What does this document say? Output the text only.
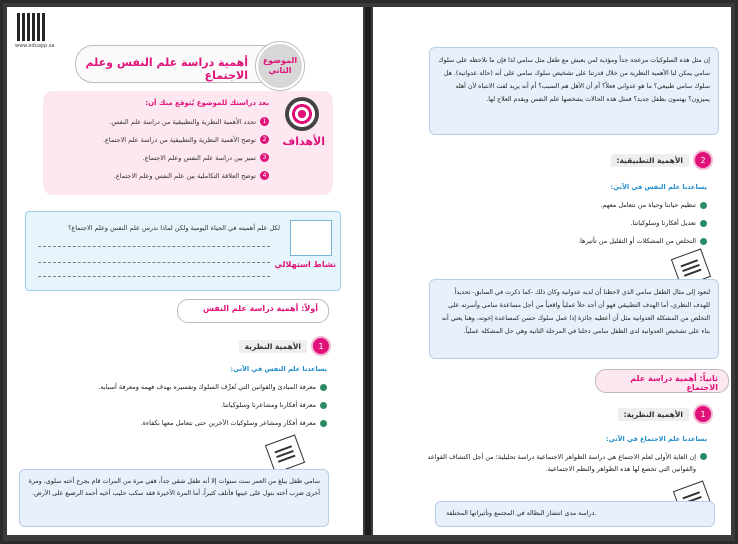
www.eduapp.sa
الموضوع
الثاني
أهمية دراسة علم النفس وعلم الاجتماع
الأهداف
بعد دراستك للموضوع يُتوقع منك أن:
1
تحدد الأهمية النظرية والتطبيقية من دراسة علم النفس.
2
توضح الأهمية النظرية والتطبيقية من دراسة علم الاجتماع.
3
تميز بين دراسة علم النفس وعلم الاجتماع.
4
توضح العلاقة التكاملية بين علم النفس وعلم الاجتماع.
نشاط استهلالي
لكل علم أهميته في الحياة اليومية ولكن لماذا ندرس علم النفس وعلم الاجتماع؟
أولاً: أهمية دراسة علم النفس
1
الأهمية النظرية
يساعدنا علم النفس في الآتي:
معرفة المبادئ والقوانين التي تُعرِّف السلوك وتفسيره بهدف فهمه ومعرفة أسبابه.
معرفة أفكارنا ومشاعرنا وسلوكياتنا.
معرفة أفكار ومشاعر وسلوكيات الآخرين حتى نتعامل معها بكفاءة.
سامي طفل يبلغ من العمر ست سنوات إلا أنه طفل شقي جداً، ففي مرة من المرات قام بجرح أخته سلوى، ومرة أخرى ضرب أخته بتول على عينها فأتلف كثيراً، أما المرة الأخيرة فقد سكب حليب أخيه أحمد الرضيع على الأرض.
إن مثل هذه السلوكيات مزعجة جداً ومؤذية لمن يعيش مع طفل مثل سامي لذا فإن ما نلاحظه على سلوك سامي يمكن لنا الأهمية النظرية من خلال قدرتنا على تشخيص سلوك سامي على أنه (حالة عدوانية). هل سلوك سامي طبيعي؟ ما هو عدواني فعلاً؟ أم أن الأهل هم السبب؟ أم أنه يريد لفت الانتباه لأن أهله يميزون؟ يهتمون بطفل جديد؟ فمثل هذه الحالات يشخصها علم النفس ويقدم العلاج لها.
2
الأهمية التطبيقية:
يساعدنا علم النفس في الآتي:
تنظيم حياتنا وحياة من نتعامل معهم.
تعديل أفكارنا وسلوكياتنا.
التخلص من المشكلات أو التقليل من تأثيرها.
لنعود إلى مثال الطفل سامي الذي لاحظنا أن لديه عدوانية وكان ذلك -كما ذكرت في السابق- تحديداً للهدف النظري، أما الهدف التطبيقي فهو أن أجد حلاً عملياً واقعياً من أجل مساعدة سامي وأسرته على التخلص من المشكلة العدوانية مثل أن أعطيه جائزة إذا عمل سلوك حسن كمساعدة إخوته، وهنا يعني أنه بناء على تشخيص العدوانية لدى الطفل سامي دخلنا في المرحلة الثانية وهي حل المشكلة عملياً.
ثانياً: أهمية دراسة علم الاجتماع
1
الأهمية النظرية:
يساعدنا علم الاجتماع في الآتي:
إن الغاية الأولى لعلم الاجتماع هي دراسة الظواهر الاجتماعية دراسة تحليلية؛ من أجل اكتشاف القواعد والقوانين التي تخضع لها هذه الظواهر والنظم الاجتماعية.
دراسة مدى انتشار البطالة في المجتمع وتأثيراتها المختلفة.
